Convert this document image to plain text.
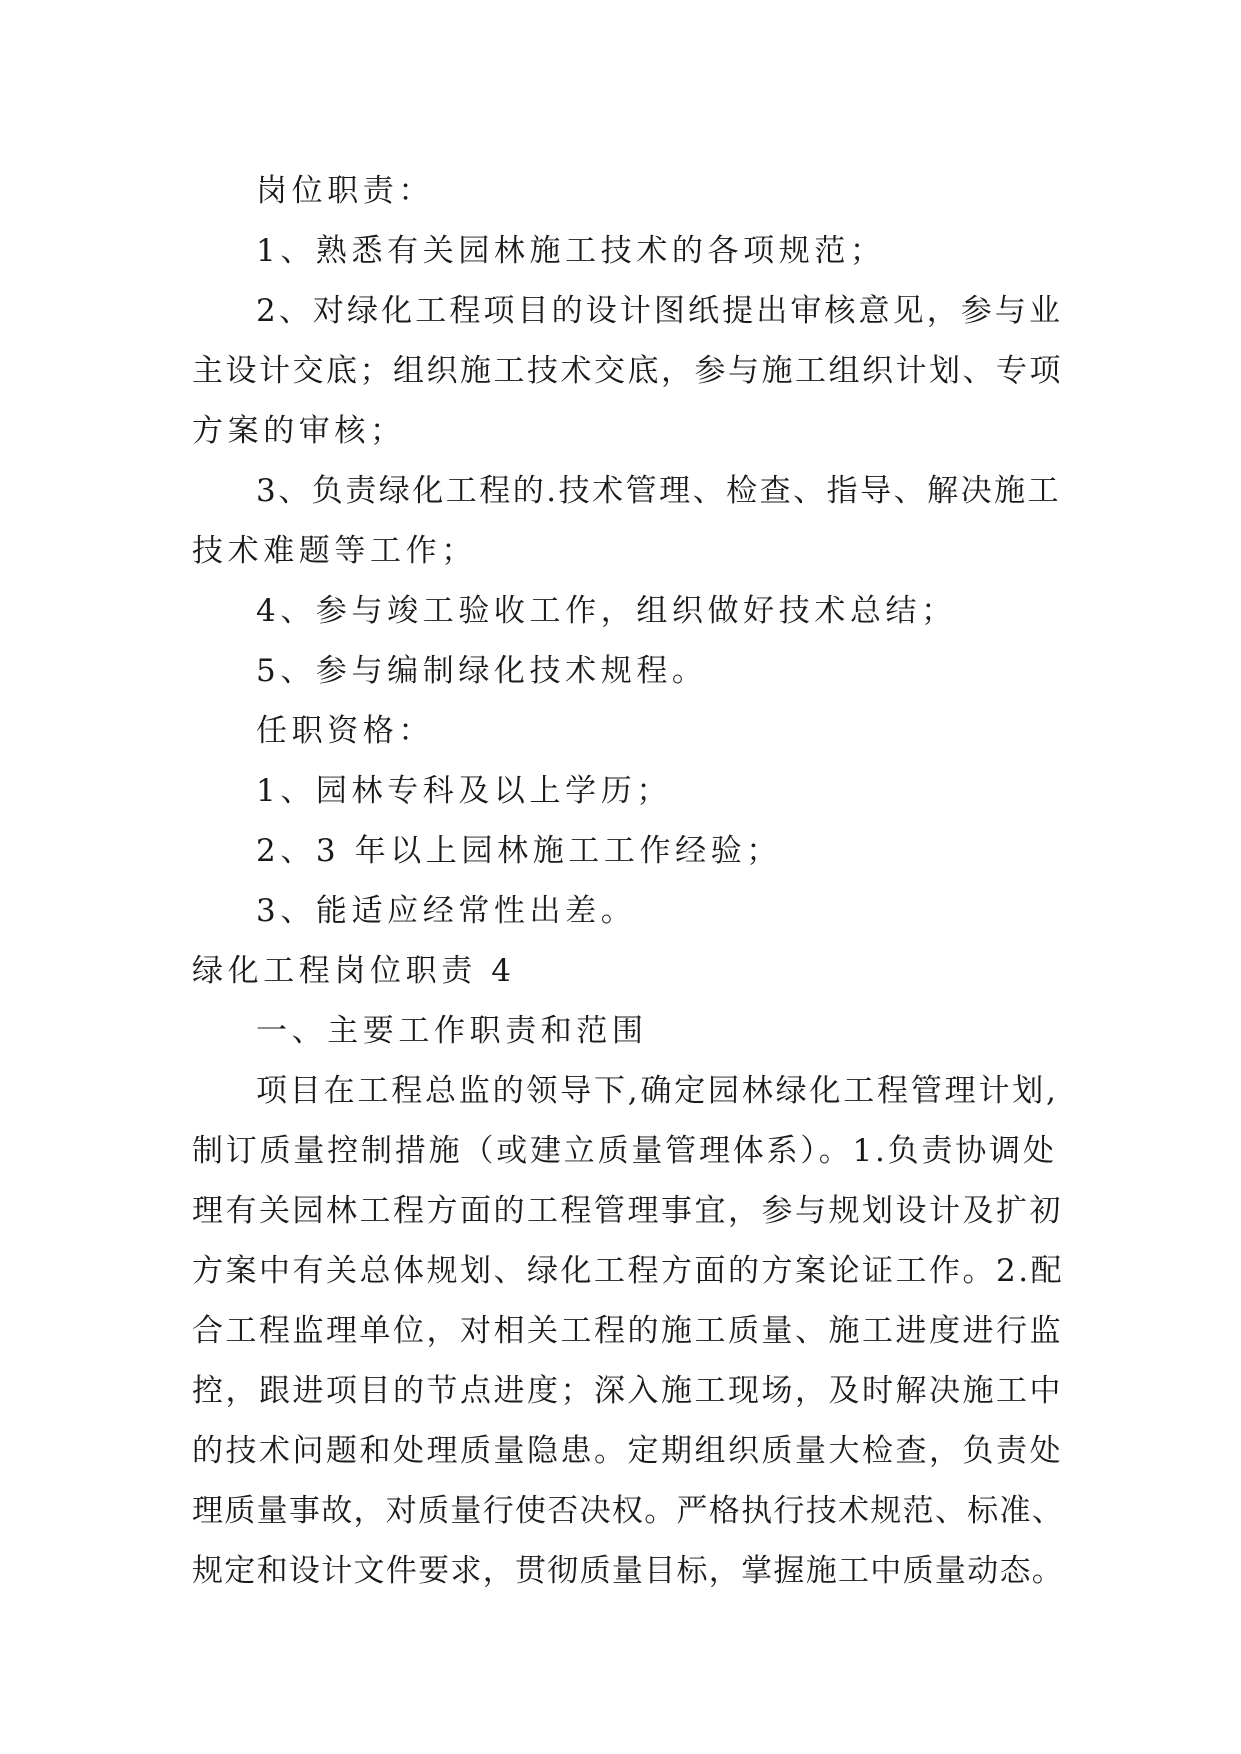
岗位职责：
1、熟悉有关园林施工技术的各项规范；
2、对绿化工程项目的设计图纸提出审核意见，参与业
主设计交底；组织施工技术交底，参与施工组织计划、专项
方案的审核；
3、负责绿化工程的.技术管理、检查、指导、解决施工
技术难题等工作；
4、参与竣工验收工作，组织做好技术总结；
5、参与编制绿化技术规程。
任职资格：
1、园林专科及以上学历；
2、3 年以上园林施工工作经验；
3、能适应经常性出差。
绿化工程岗位职责 4
一、主要工作职责和范围
项目在工程总监的领导下,确定园林绿化工程管理计划,
制订质量控制措施（或建立质量管理体系）。1.负责协调处
理有关园林工程方面的工程管理事宜，参与规划设计及扩初
方案中有关总体规划、绿化工程方面的方案论证工作。2.配
合工程监理单位，对相关工程的施工质量、施工进度进行监
控，跟进项目的节点进度；深入施工现场，及时解决施工中
的技术问题和处理质量隐患。定期组织质量大检查，负责处
理质量事故，对质量行使否决权。严格执行技术规范、标准、
规定和设计文件要求，贯彻质量目标，掌握施工中质量动态。
